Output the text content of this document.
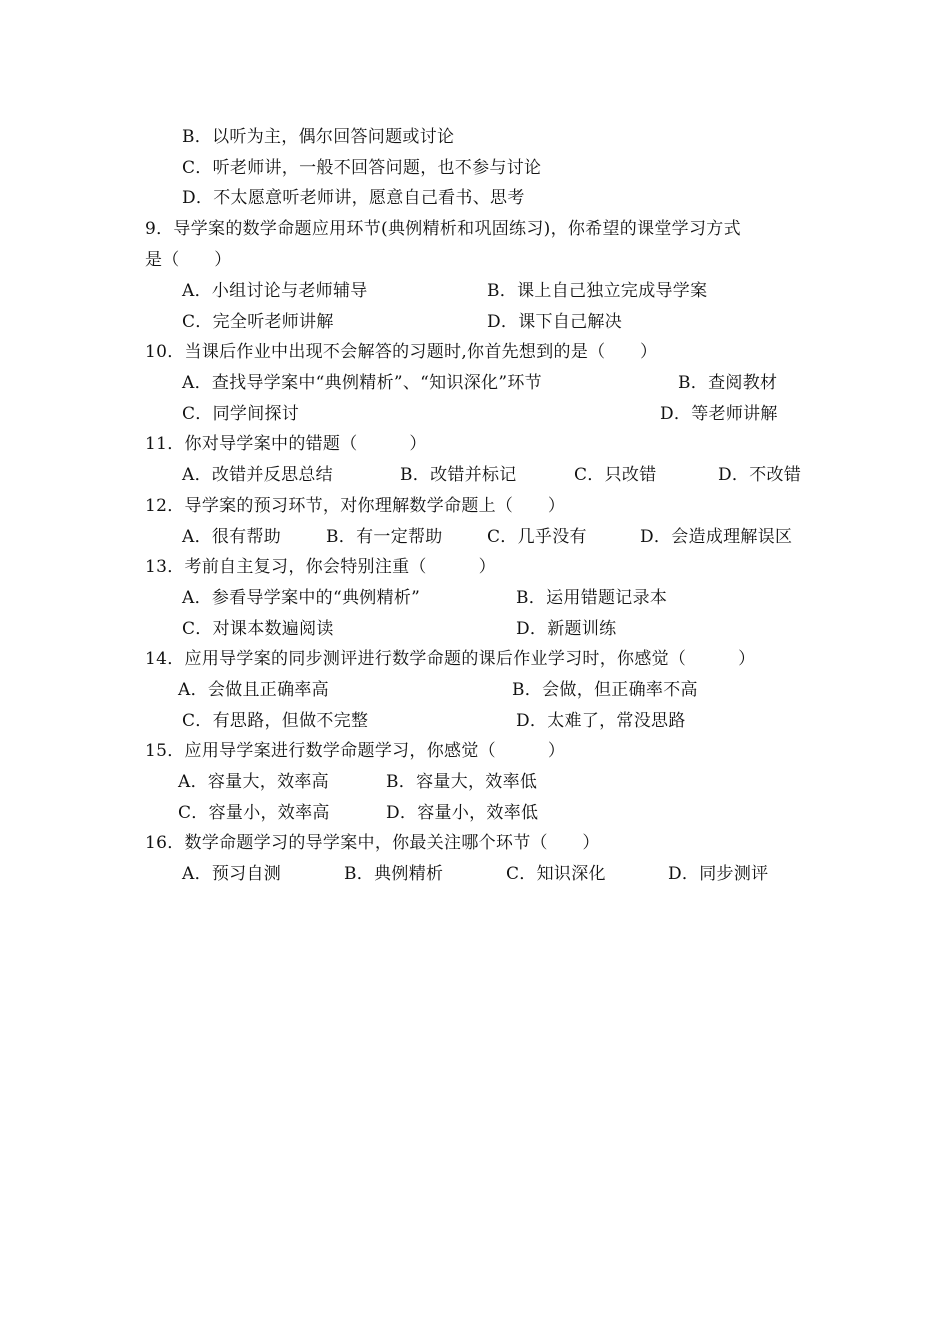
B．以听为主，偶尔回答问题或讨论
C．听老师讲，一般不回答问题，也不参与讨论
D．不太愿意听老师讲，愿意自己看书、思考
9．导学案的数学命题应用环节(典例精析和巩固练习)，你希望的课堂学习方式
是（　　）
A．小组讨论与老师辅导	B．课上自己独立完成导学案
C．完全听老师讲解	D．课下自己解决
10．当课后作业中出现不会解答的习题时,你首先想到的是（　　）
A．查找导学案中“典例精析”、“知识深化”环节	B．查阅教材
C．同学间探讨	D．等老师讲解
11．你对导学案中的错题（　　　）
A．改错并反思总结	B．改错并标记	C．只改错	D．不改错
12．导学案的预习环节，对你理解数学命题上（　　）
A．很有帮助	B．有一定帮助	C．几乎没有	D．会造成理解误区
13．考前自主复习，你会特别注重（　　　）
A．参看导学案中的“典例精析”	B．运用错题记录本
C．对课本数遍阅读	D．新题训练
14．应用导学案的同步测评进行数学命题的课后作业学习时，你感觉（　　　）
A．会做且正确率高	B．会做，但正确率不高
C．有思路，但做不完整	D．太难了，常没思路
15．应用导学案进行数学命题学习，你感觉（　　　）
A．容量大，效率高	B．容量大，效率低
C．容量小，效率高	D．容量小，效率低
16．数学命题学习的导学案中，你最关注哪个环节（　　）
A．预习自测	B．典例精析	C．知识深化	D．同步测评
